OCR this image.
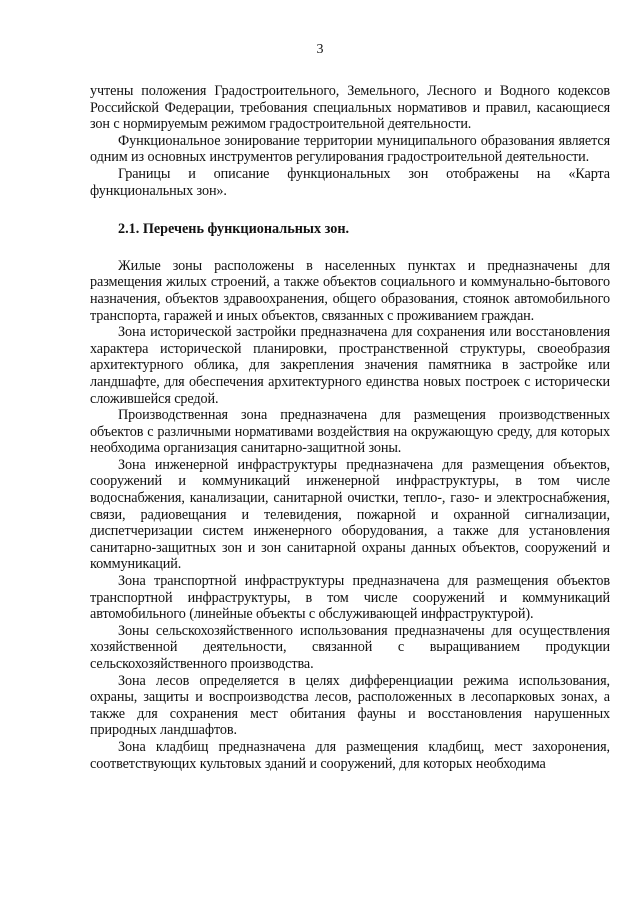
3

учтены положения Градостроительного, Земельного, Лесного и Водного кодексов Российской Федерации, требования специальных нормативов и правил, касающиеся зон с нормируемым режимом градостроительной деятельности.

Функциональное зонирование территории муниципального образования является одним из основных инструментов регулирования градостроительной деятельности.

Границы и описание функциональных зон отображены на «Карта функциональных зон».

2.1. Перечень функциональных зон.

Жилые зоны расположены в населенных пунктах и предназначены для размещения жилых строений, а также объектов социального и коммунально-бытового назначения, объектов здравоохранения, общего образования, стоянок автомобильного транспорта, гаражей и иных объектов, связанных с проживанием граждан.

Зона исторической застройки предназначена для сохранения или восстановления характера исторической планировки, пространственной структуры, своеобразия архитектурного облика, для закрепления значения памятника в застройке или ландшафте, для обеспечения архитектурного единства новых построек с исторически сложившейся средой.

Производственная зона предназначена для размещения производственных объектов с различными нормативами воздействия на окружающую среду, для которых необходима организация санитарно-защитной зоны.

Зона инженерной инфраструктуры предназначена для размещения объектов, сооружений и коммуникаций инженерной инфраструктуры, в том числе водоснабжения, канализации, санитарной очистки, тепло-, газо- и электроснабжения, связи, радиовещания и телевидения, пожарной и охранной сигнализации, диспетчеризации систем инженерного оборудования, а также для установления санитарно-защитных зон и зон санитарной охраны данных объектов, сооружений и коммуникаций.

Зона транспортной инфраструктуры предназначена для размещения объектов транспортной инфраструктуры, в том числе сооружений и коммуникаций автомобильного (линейные объекты с обслуживающей инфраструктурой).

Зоны сельскохозяйственного использования предназначены для осуществления хозяйственной деятельности, связанной с выращиванием продукции сельскохозяйственного производства.

Зона лесов определяется в целях дифференциации режима использования, охраны, защиты и воспроизводства лесов, расположенных в лесопарковых зонах, а также для сохранения мест обитания фауны и восстановления нарушенных природных ландшафтов.

Зона кладбищ предназначена для размещения кладбищ, мест захоронения, соответствующих культовых зданий и сооружений, для которых необходима
